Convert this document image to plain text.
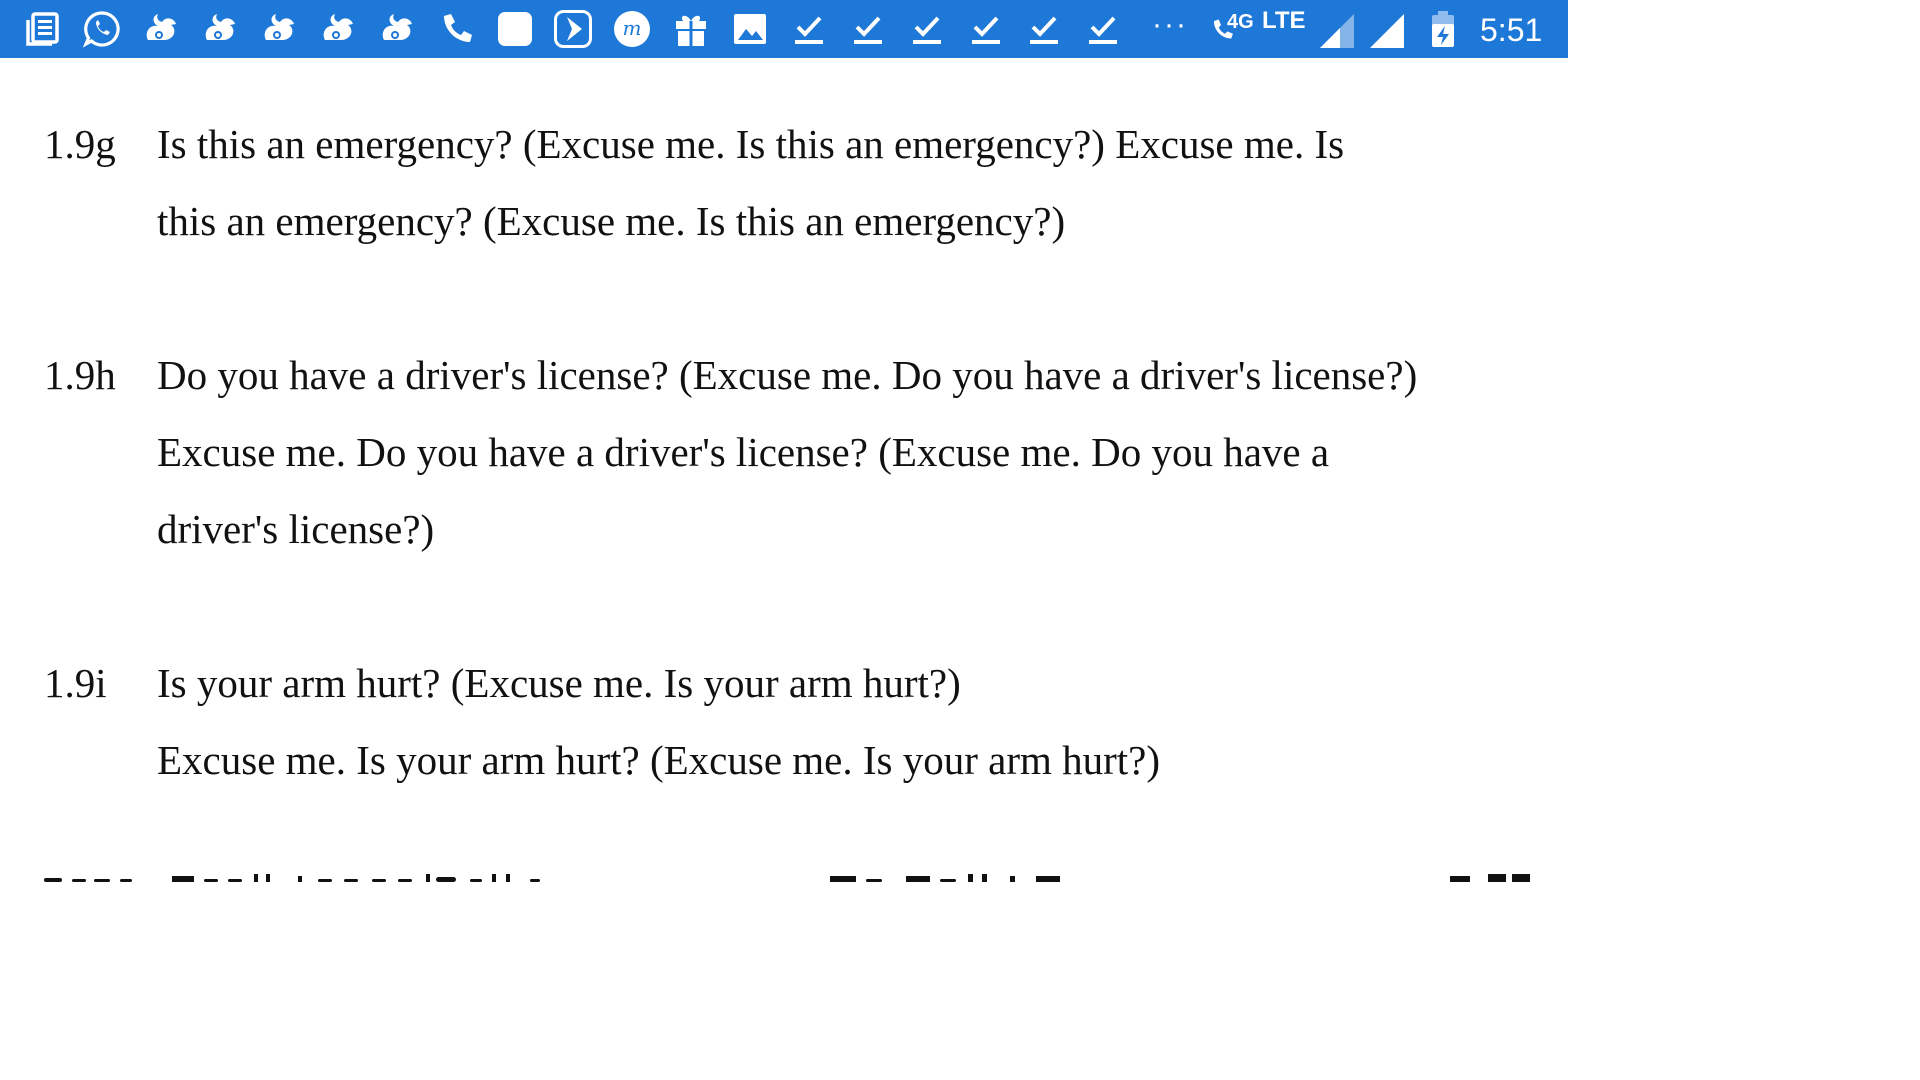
m	··· 4G LTE	5:51
1.9g Is this an emergency? (Excuse me. Is this an emergency?) Excuse me. Is
this an emergency? (Excuse me. Is this an emergency?)
1.9h Do you have a driver's license? (Excuse me. Do you have a driver's license?)
Excuse me. Do you have a driver's license? (Excuse me. Do you have a
driver's license?)
1.9i Is your arm hurt? (Excuse me. Is your arm hurt?)
Excuse me. Is your arm hurt? (Excuse me. Is your arm hurt?)
